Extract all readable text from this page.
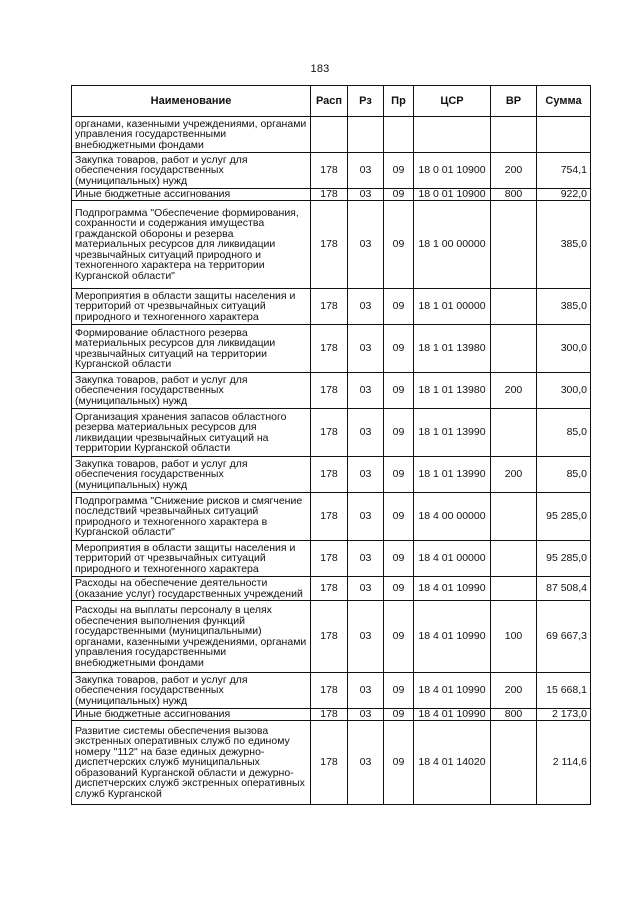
183
Наименование	Расп	Рз	Пр	ЦСР	ВР	Сумма
органами, казенными учреждениями, органами управления государственными внебюджетными фондами						
Закупка товаров, работ и услуг для обеспечения государственных (муниципальных) нужд	178	03	09	18 0 01 10900	200	754,1
Иные бюджетные ассигнования	178	03	09	18 0 01 10900	800	922,0
Подпрограмма "Обеспечение формирования, сохранности и содержания имущества гражданской обороны и резерва материальных ресурсов для ликвидации чрезвычайных ситуаций природного и техногенного характера на территории Курганской области"	178	03	09	18 1 00 00000		385,0
Мероприятия в области защиты населения и территорий от чрезвычайных ситуаций природного и техногенного характера	178	03	09	18 1 01 00000		385,0
Формирование областного резерва материальных ресурсов для ликвидации чрезвычайных ситуаций на территории Курганской области	178	03	09	18 1 01 13980		300,0
Закупка товаров, работ и услуг для обеспечения государственных (муниципальных) нужд	178	03	09	18 1 01 13980	200	300,0
Организация хранения запасов областного резерва материальных ресурсов для ликвидации чрезвычайных ситуаций на территории Курганской области	178	03	09	18 1 01 13990		85,0
Закупка товаров, работ и услуг для обеспечения государственных (муниципальных) нужд	178	03	09	18 1 01 13990	200	85,0
Подпрограмма "Снижение рисков и смягчение последствий чрезвычайных ситуаций природного и техногенного характера в Курганской области"	178	03	09	18 4 00 00000		95 285,0
Мероприятия в области защиты населения и территорий от чрезвычайных ситуаций природного и техногенного характера	178	03	09	18 4 01 00000		95 285,0
Расходы на обеспечение деятельности (оказание услуг) государственных учреждений	178	03	09	18 4 01 10990		87 508,4
Расходы на выплаты персоналу в целях обеспечения выполнения функций государственными (муниципальными) органами, казенными учреждениями, органами управления государственными внебюджетными фондами	178	03	09	18 4 01 10990	100	69 667,3
Закупка товаров, работ и услуг для обеспечения государственных (муниципальных) нужд	178	03	09	18 4 01 10990	200	15 668,1
Иные бюджетные ассигнования	178	03	09	18 4 01 10990	800	2 173,0
Развитие системы обеспечения вызова экстренных оперативных служб по единому номеру "112" на базе единых дежурно-диспетчерских служб муниципальных образований Курганской области и дежурно-диспетчерских служб экстренных оперативных служб Курганской	178	03	09	18 4 01 14020		2 114,6
